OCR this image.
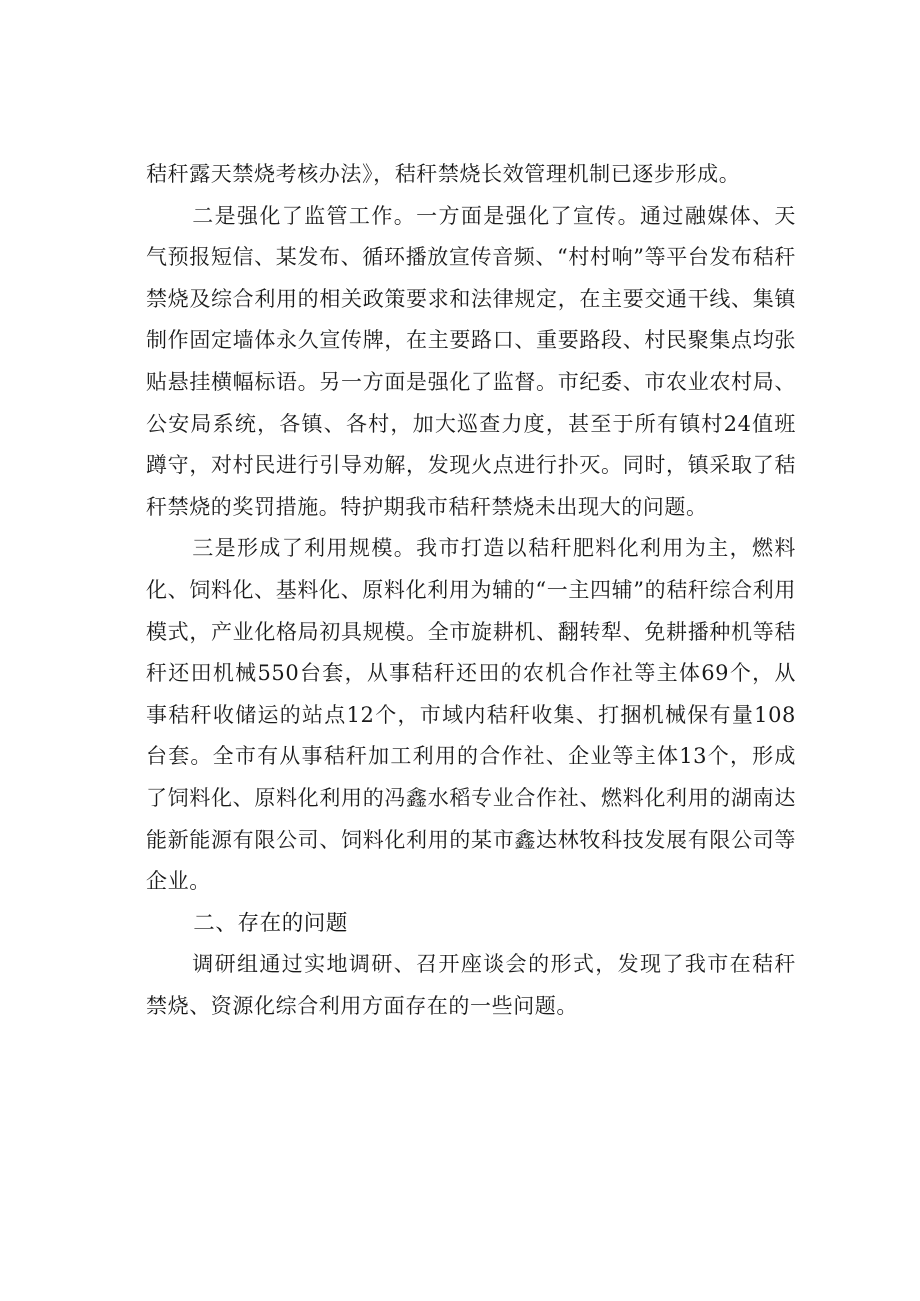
秸秆露天禁烧考核办法》，秸秆禁烧长效管理机制已逐步形成。

二是强化了监管工作。一方面是强化了宣传。通过融媒体、天气预报短信、某发布、循环播放宣传音频、“村村响”等平台发布秸秆禁烧及综合利用的相关政策要求和法律规定，在主要交通干线、集镇制作固定墙体永久宣传牌，在主要路口、重要路段、村民聚集点均张贴悬挂横幅标语。另一方面是强化了监督。市纪委、市农业农村局、公安局系统，各镇、各村，加大巡查力度，甚至于所有镇村24值班蹲守，对村民进行引导劝解，发现火点进行扑灭。同时，镇采取了秸秆禁烧的奖罚措施。特护期我市秸秆禁烧未出现大的问题。

三是形成了利用规模。我市打造以秸秆肥料化利用为主，燃料化、饲料化、基料化、原料化利用为辅的“一主四辅”的秸秆综合利用模式，产业化格局初具规模。全市旋耕机、翻转犁、免耕播种机等秸秆还田机械550台套，从事秸秆还田的农机合作社等主体69个，从事秸秆收储运的站点12个，市域内秸秆收集、打捆机械保有量108台套。全市有从事秸秆加工利用的合作社、企业等主体13个，形成了饲料化、原料化利用的冯鑫水稻专业合作社、燃料化利用的湖南达能新能源有限公司、饲料化利用的某市鑫达林牧科技发展有限公司等企业。

二、存在的问题

调研组通过实地调研、召开座谈会的形式，发现了我市在秸秆禁烧、资源化综合利用方面存在的一些问题。
